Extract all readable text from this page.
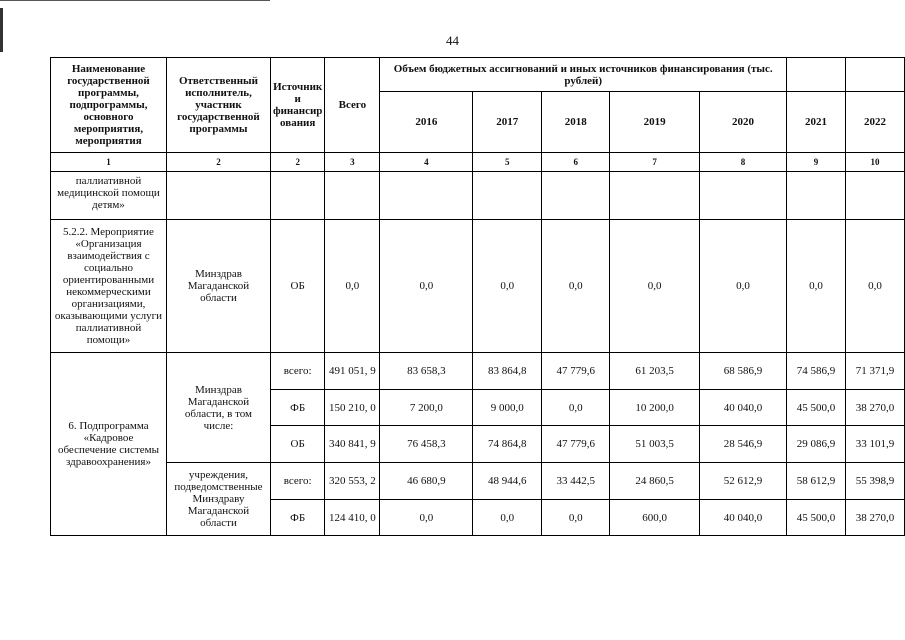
44
Наименование государственной программы, подпрограммы, основного мероприятия, мероприятия	Ответственный исполнитель, участник государственной программы	Источник и финансир ования	Всего	Объем бюджетных ассигнований и иных источников финансирования (тыс. рублей)						
				2016	2017	2018	2019	2020	2021	2022
1	2	2	3	4	5	6	7	8	9	10
паллиативной медицинской помощи детям»										
5.2.2. Мероприятие «Организация взаимодействия с социально ориентированными некоммерческими организациями, оказывающими услуги паллиативной помощи»	Минздрав Магаданской области	ОБ	0,0	0,0	0,0	0,0	0,0	0,0	0,0	0,0
6. Подпрограмма «Кадровое обеспечение системы здравоохранения»	Минздрав Магаданской области, в том числе:	всего:	491 051, 9	83 658,3	83 864,8	47 779,6	61 203,5	68 586,9	74 586,9	71 371,9
		ФБ	150 210, 0	7 200,0	9 000,0	0,0	10 200,0	40 040,0	45 500,0	38 270,0
		ОБ	340 841, 9	76 458,3	74 864,8	47 779,6	51 003,5	28 546,9	29 086,9	33 101,9
	учреждения, подведомственные Минздраву Магаданской области	всего:	320 553, 2	46 680,9	48 944,6	33 442,5	24 860,5	52 612,9	58 612,9	55 398,9
		ФБ	124 410, 0	0,0	0,0	0,0	600,0	40 040,0	45 500,0	38 270,0
